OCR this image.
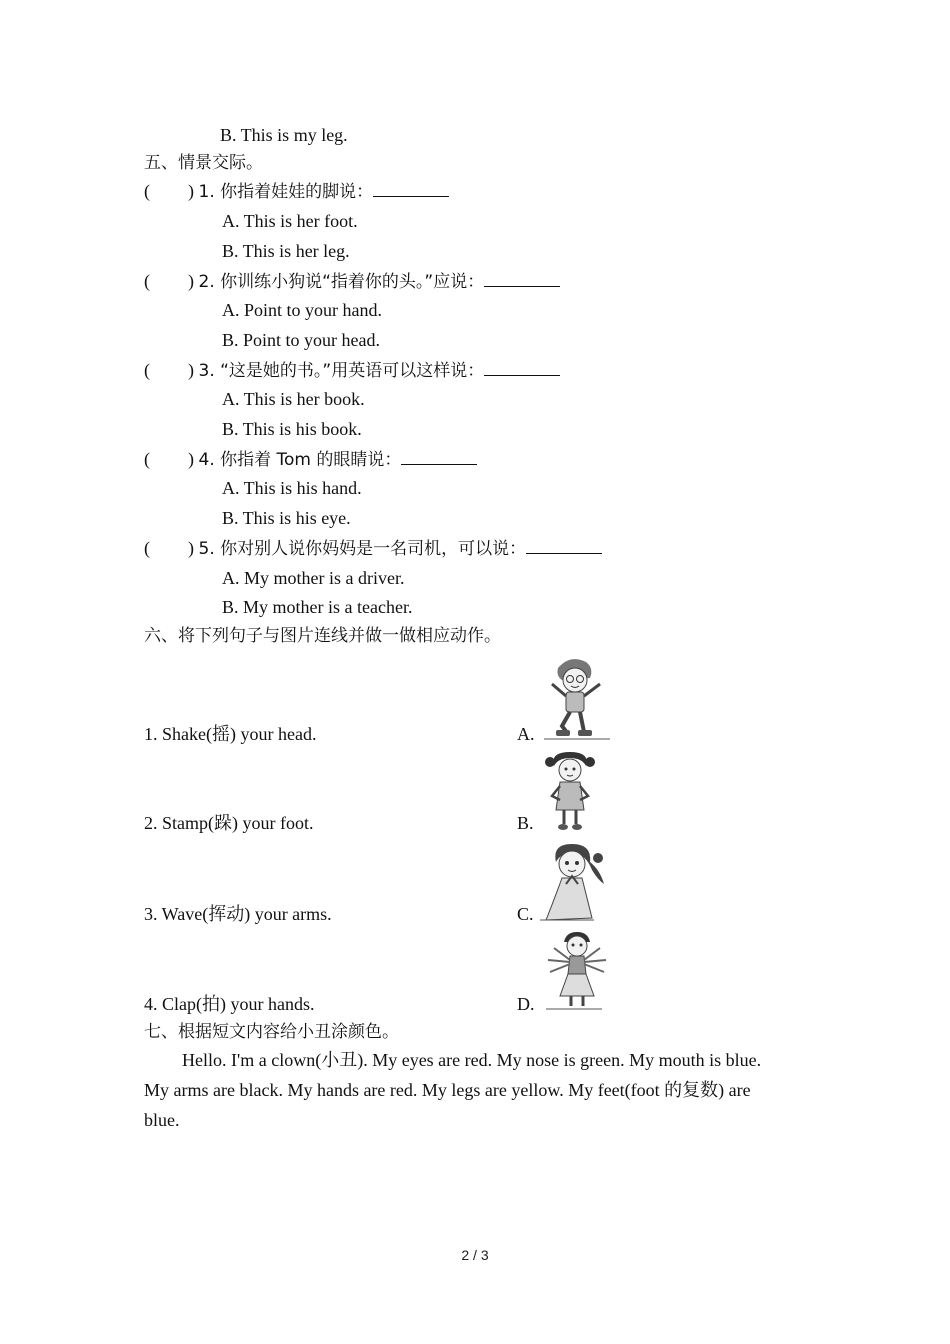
B. This is my leg.
五、情景交际。
( ) 1. 你指着娃娃的脚说：
A. This is her foot.
B. This is her leg.
( ) 2. 你训练小狗说“指着你的头。”应说：
A. Point to your hand.
B. Point to your head.
( ) 3. “这是她的书。”用英语可以这样说：
A. This is her book.
B. This is his book.
( ) 4. 你指着 Tom 的眼睛说：
A. This is his hand.
B. This is his eye.
( ) 5. 你对别人说你妈妈是一名司机，可以说：
A. My mother is a driver.
B. My mother is a teacher.
六、将下列句子与图片连线并做一做相应动作。
1. Shake(摇) your head.	A.
2. Stamp(跺) your foot.	B.
3. Wave(挥动) your arms.	C.
4. Clap(拍) your hands.	D.
七、根据短文内容给小丑涂颜色。
Hello. I'm a clown(小丑). My eyes are red. My nose is green. My mouth is blue.
My arms are black. My hands are red. My legs are yellow. My feet(foot 的复数) are
blue.
2 / 3
